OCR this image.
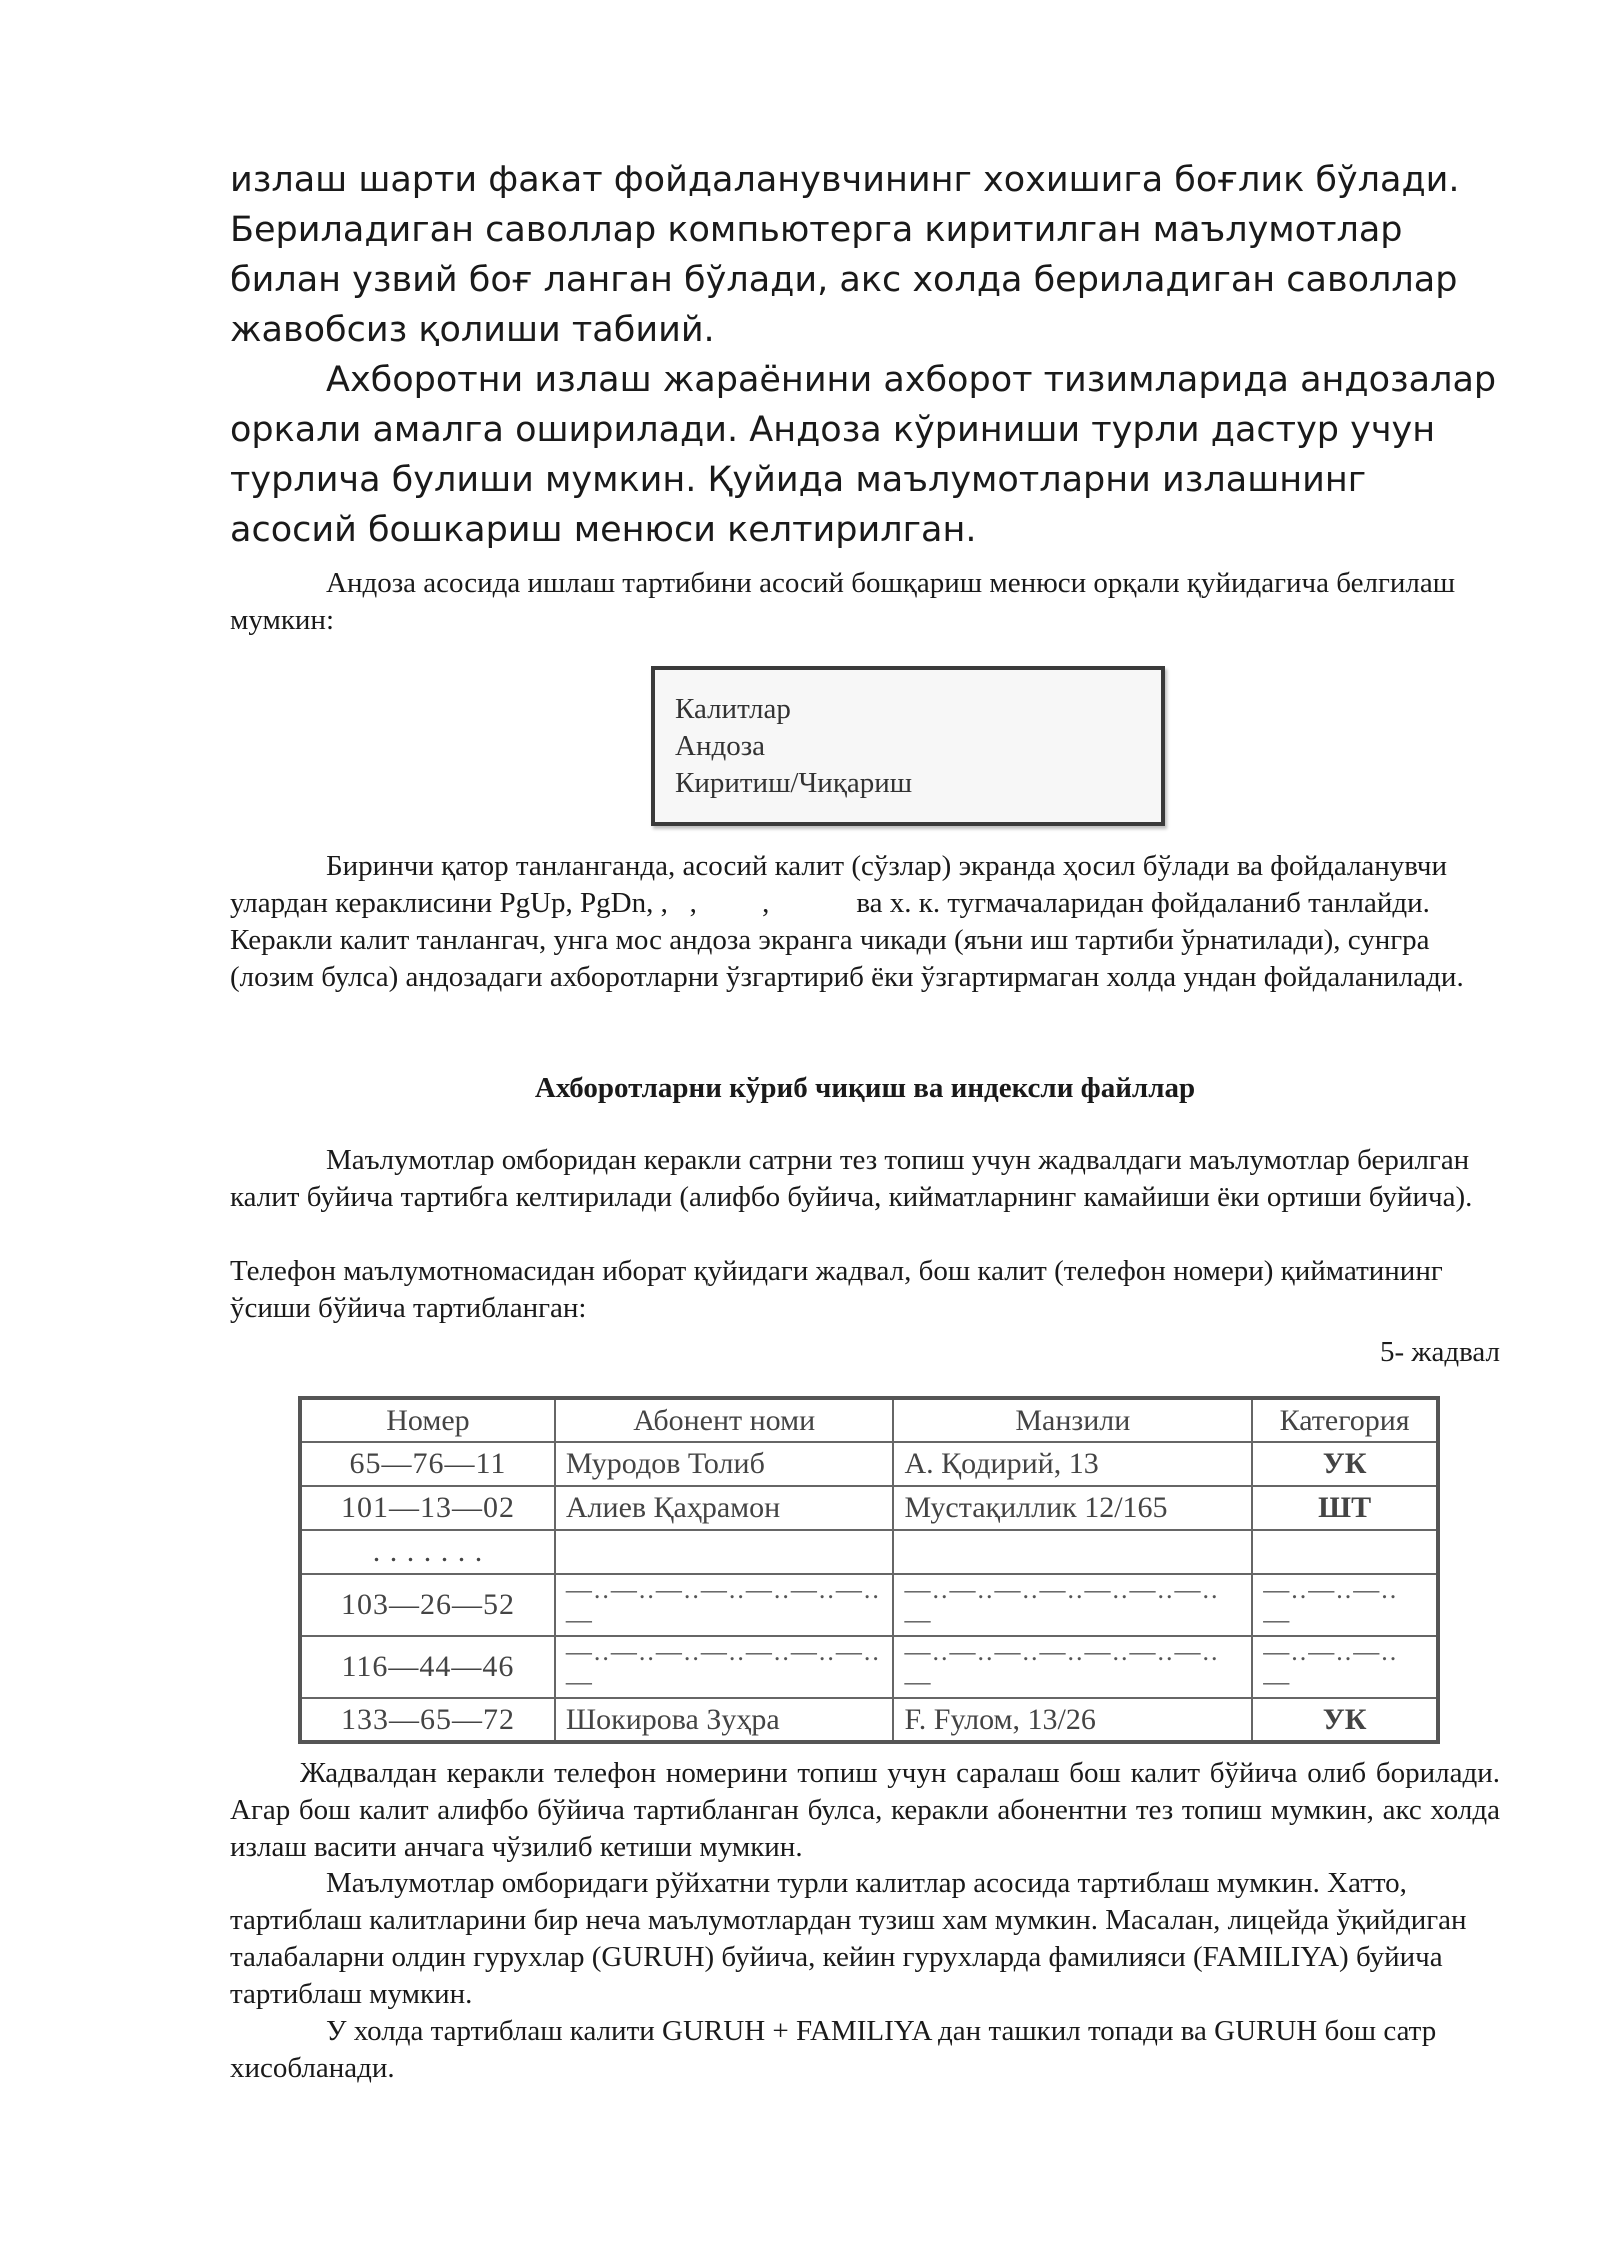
излаш шарти факат фойдаланувчининг хохишига боғлик бўлади. Бериладиган саволлар компьютерга киритилган маълумотлар билан узвий боғ ланган бўлади, акс холда бериладиган саволлар жавобсиз қолиши табиий.

Ахборотни излаш жараёнини ахборот тизимларида андозалар оркали амалга оширилади. Андоза кўриниши турли дастур учун турлича булиши мумкин. Қуйида маълумотларни излашнинг асосий бошкариш менюси келтирилган.

Андоза асосида ишлаш тартибини асосий бошқариш менюси орқали қуйидагича белгилаш мумкин:

Калитлар
Андоза
Киритиш/Чиқариш

Биринчи қатор танланганда, асосий калит (сўзлар) экранда ҳосил бўлади ва фойдаланувчи улардан кераклисини PgUp, PgDn, ,   ,         ,            ва х. к. тугмачаларидан фойдаланиб танлайди. Керакли калит танлангач, унга мос андоза экранга чикади (яъни иш тартиби ўрнатилади), сунгра (лозим булса) андозадаги ахборотларни ўзгартириб ёки ўзгартирмаган холда ундан фойдаланилади.

Ахборотларни кўриб чиқиш ва индексли файллар

Маълумотлар омборидан керакли сатрни тез топиш учун жадвалдаги маълумотлар берилган калит буйича тартибга келтирилади (алифбо буйича, кийматларнинг камайиши ёки ортиши буйича).

Телефон маълумотномасидан иборат қуйидаги жадвал, бош калит (телефон номери) қийматининг ўсиши бўйича тартибланган:

5- жадвал
Номер	Абонент номи	Манзили	Категория
65—76—11	Муродов Толиб	А. Қодирий, 13	УК
101—13—02	Алиев Қаҳрамон	Мустақиллик 12/165	ШТ
. . . . . . .			
103—26—52	—..—..—..—..—..—..—..—	—..—..—..—..—..—..—..—	—..—..—..—
116—44—46	—..—..—..—..—..—..—..—	—..—..—..—..—..—..—..—	—..—..—..—
133—65—72	Шокирова Зуҳра	F. Fулом, 13/26	УК

Жадвалдан керакли телефон номерини топиш учун саралаш бош калит бўйича олиб борилади. Агар бош калит алифбо бўйича тартибланган булса, керакли абонентни тез топиш мумкин, акс холда излаш васити анчага чўзилиб кетиши мумкин.

Маълумотлар омборидаги рўйхатни турли калитлар асосида тартиблаш мумкин. Хатто, тартиблаш калитларини бир неча маълумотлардан тузиш хам мумкин. Масалан, лицейда ўқийдиган талабаларни олдин гурухлар (GURUH) буйича, кейин гурухларда фамилияси (FAMILIYA) буйича тартиблаш мумкин.

У холда тартиблаш калити GURUH + FAMILIYA дан ташкил топади ва GURUH бош сатр хисобланади.
